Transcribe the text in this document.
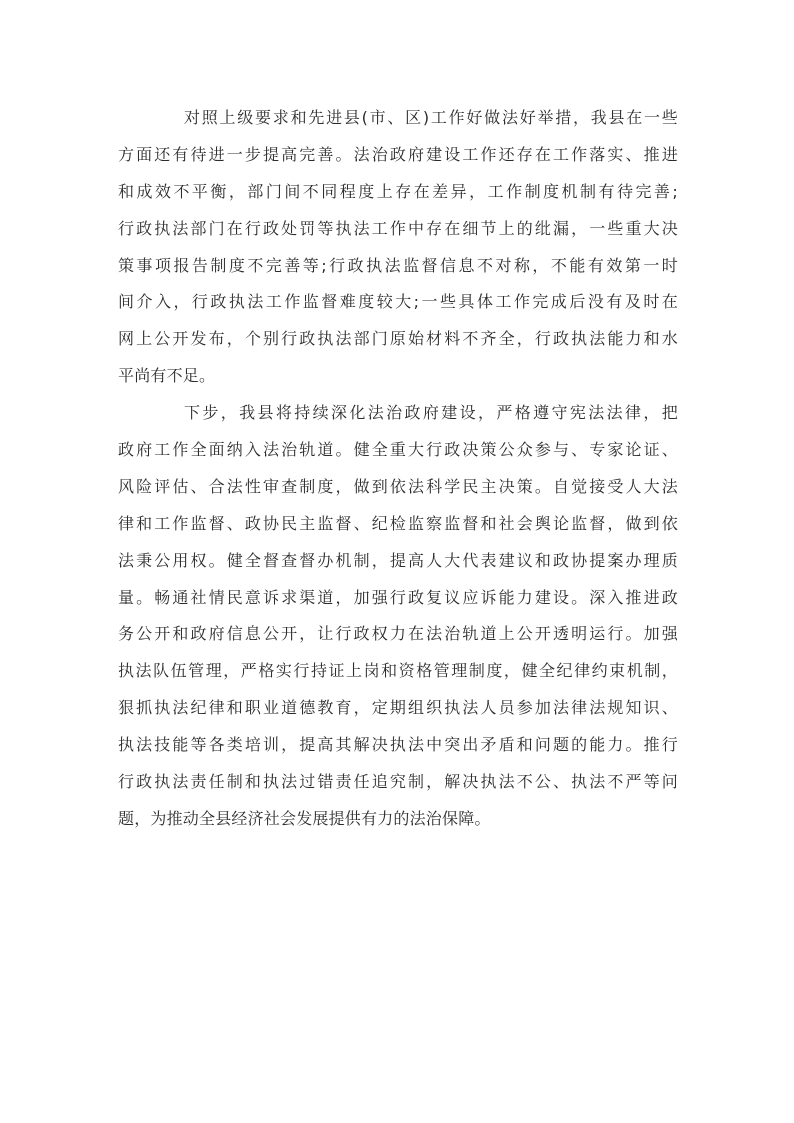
对照上级要求和先进县(市、区)工作好做法好举措，我县在一些
方面还有待进一步提高完善。法治政府建设工作还存在工作落实、推进
和成效不平衡，部门间不同程度上存在差异，工作制度机制有待完善;
行政执法部门在行政处罚等执法工作中存在细节上的纰漏，一些重大决
策事项报告制度不完善等;行政执法监督信息不对称，不能有效第一时
间介入，行政执法工作监督难度较大;一些具体工作完成后没有及时在
网上公开发布，个别行政执法部门原始材料不齐全，行政执法能力和水
平尚有不足。
下步，我县将持续深化法治政府建设，严格遵守宪法法律，把
政府工作全面纳入法治轨道。健全重大行政决策公众参与、专家论证、
风险评估、合法性审查制度，做到依法科学民主决策。自觉接受人大法
律和工作监督、政协民主监督、纪检监察监督和社会舆论监督，做到依
法秉公用权。健全督查督办机制，提高人大代表建议和政协提案办理质
量。畅通社情民意诉求渠道，加强行政复议应诉能力建设。深入推进政
务公开和政府信息公开，让行政权力在法治轨道上公开透明运行。加强
执法队伍管理，严格实行持证上岗和资格管理制度，健全纪律约束机制，
狠抓执法纪律和职业道德教育，定期组织执法人员参加法律法规知识、
执法技能等各类培训，提高其解决执法中突出矛盾和问题的能力。推行
行政执法责任制和执法过错责任追究制，解决执法不公、执法不严等问
题，为推动全县经济社会发展提供有力的法治保障。
